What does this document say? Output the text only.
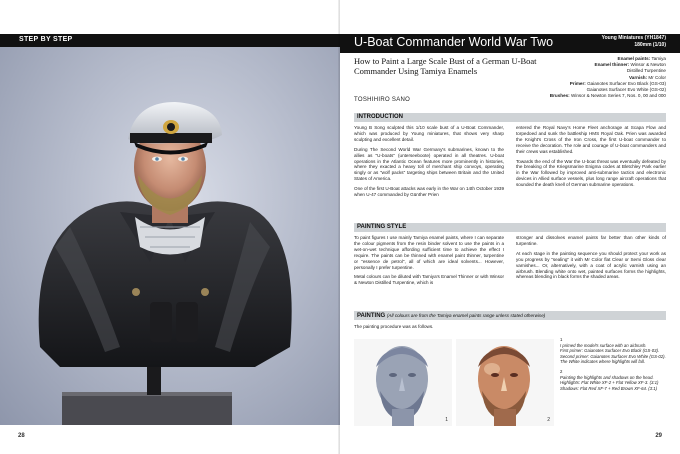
STEP BY STEP
28
U-Boat Commander World War Two	Young Miniatures (YH1847)
180mm (1/10)
How to Paint a Large Scale Bust of a German U-Boat Commander Using Tamiya Enamels
TOSHIHIRO SANO
Enamel paints: Tamiya
Enamel thinner: Winsor & Newton
Distilled Turpentine
Varnish: Mr Color
Primer: Gaianotes Surfacer Evo Black (GS-03)
Gaianotes Surfacer Evo White (GS-02)
Brushes: Winsor & Newton Series 7, Nos. 0, 00 and 000
INTRODUCTION

Young B Song sculpted this 1/10 scale bust of a U-Boat Commander, which was produced by Young miniatures, that shows very sharp sculpting and excellent detail.

During The Second World War Germany's submarines, known to the allies as "U-boats" (unterseeboote) operated in all theatres. U-boat operations in the Atlantic Ocean features more prominently in histories, where they exacted a heavy toll of merchant ship convoys, operating singly or as "wolf packs" targeting ships between Britain and the United States of America.

One of the first U-Boat attacks was early in the War on 14th October 1939 when U-47 commanded by Günther Prien

entered the Royal Navy's Home Fleet anchorage at Scapa Flow and torpedoed and sunk the battleship HMS Royal Oak. Prien was awarded the Knight's Cross of the Iron Cross, the first U-boat commander to receive the decoration. The role and courage of U-boat commanders and their crews was established.

Towards the end of the War the U-boat threat was eventually defeated by the breaking of the Kriegsmarine Enigma codes at Bletchley Park earlier in the War followed by improved anti-submarine tactics and electronic devices in Allied surface vessels, plus long range aircraft operations that sounded the death knell of German submarine operations.

PAINTING STYLE

To paint figures I use mainly Tamiya enamel paints, where I can separate the colour pigments from the resin binder solvent to use the paints in a wet-on-wet technique affording sufficient time to achieve the effect I require. The paints can be thinned with enamel paint thinner, turpentine or "essence de petrol", all of which are ideal solvents... However, personally I prefer turpentine.

Metal colours can be diluted with Tamiya's Enamel Thinner or with Winsor & Newton Distilled Turpentine, which is

stronger and dissolves enamel paints far better than other kinds of turpentine.

At each stage in the painting sequence you should protect your work as you progress by "sealing" it with Mr Color flat Clear or Semi Gloss clear varnishes... Or, alternatively, with a coat of acrylic varnish using an airbrush. Blending white onto wet, painted surfaces forms the highlights, whereas blending in black forms the shaded areas.

PAINTING (All colours are from the Tamiya enamel paints range unless stated otherwise)
The painting procedure was as follows.
1	2

1
I primed the model's surface with an airbrush.
First primer: Gaianotes Surfacer Evo Black (GS-03).
Second primer: Gaianotes Surfacer Evo White (GS-02).
The White indicates where highlights will fall.

2
Painting the highlights and shadows on the head.
Highlights: Flat White XF-2 + Flat Yellow XF-3. (3:1)
Shadows: Flat Red XF-7 + Red Brown XF-64. (3:1)

29
